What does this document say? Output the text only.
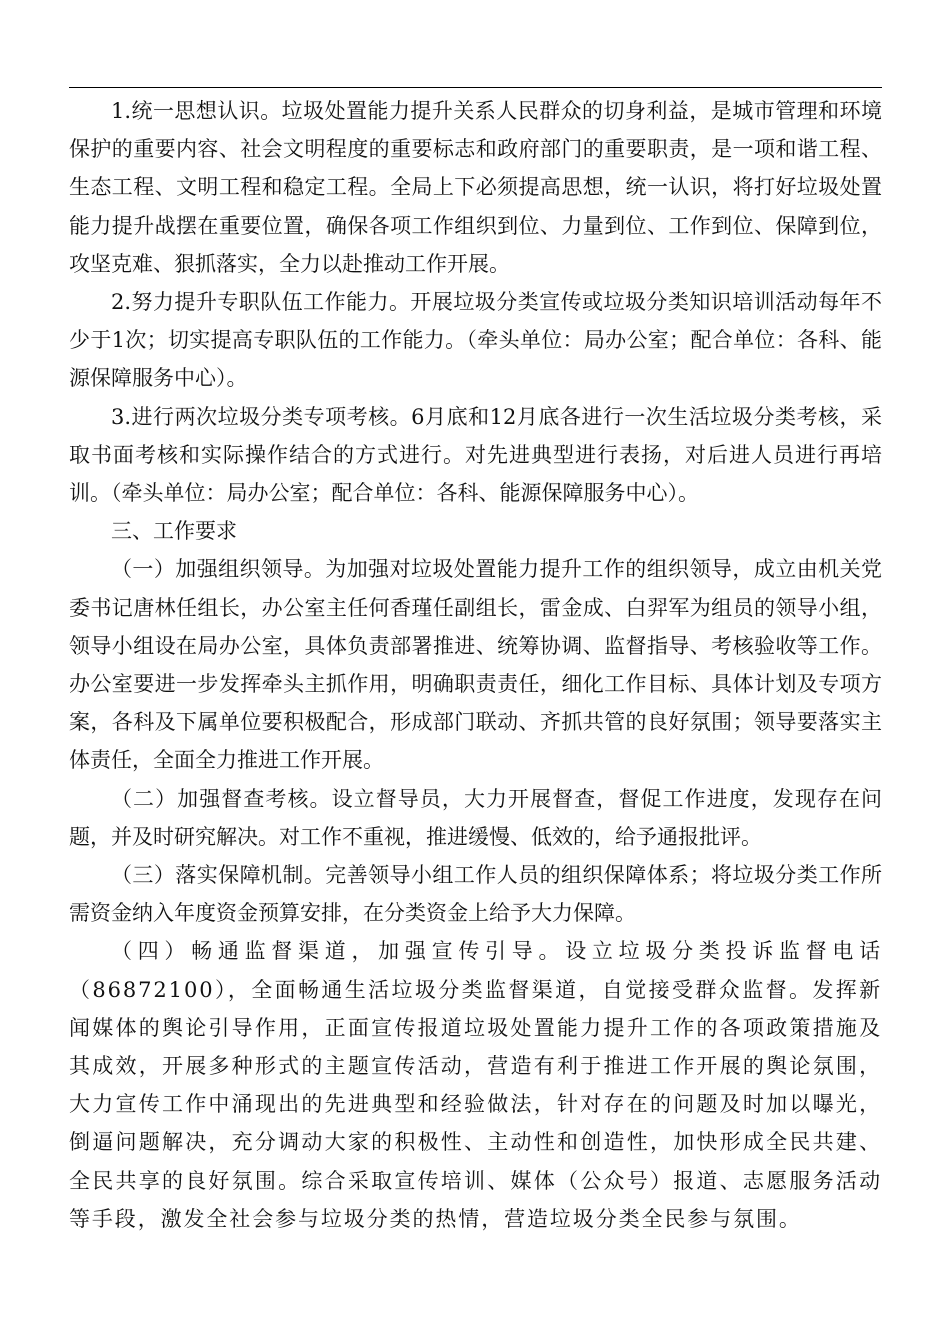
1.统一思想认识。垃圾处置能力提升关系人民群众的切身利益，是城市管理和环境保护的重要内容、社会文明程度的重要标志和政府部门的重要职责，是一项和谐工程、生态工程、文明工程和稳定工程。全局上下必须提高思想，统一认识，将打好垃圾处置能力提升战摆在重要位置，确保各项工作组织到位、力量到位、工作到位、保障到位，攻坚克难、狠抓落实，全力以赴推动工作开展。

2.努力提升专职队伍工作能力。开展垃圾分类宣传或垃圾分类知识培训活动每年不少于1次；切实提高专职队伍的工作能力。（牵头单位：局办公室；配合单位：各科、能源保障服务中心）。

3.进行两次垃圾分类专项考核。6月底和12月底各进行一次生活垃圾分类考核，采取书面考核和实际操作结合的方式进行。对先进典型进行表扬，对后进人员进行再培训。（牵头单位：局办公室；配合单位：各科、能源保障服务中心）。

三、工作要求

（一）加强组织领导。为加强对垃圾处置能力提升工作的组织领导，成立由机关党委书记唐林任组长，办公室主任何香瑾任副组长，雷金成、白羿军为组员的领导小组，领导小组设在局办公室，具体负责部署推进、统筹协调、监督指导、考核验收等工作。办公室要进一步发挥牵头主抓作用，明确职责责任，细化工作目标、具体计划及专项方案，各科及下属单位要积极配合，形成部门联动、齐抓共管的良好氛围；领导要落实主体责任，全面全力推进工作开展。

（二）加强督查考核。设立督导员，大力开展督查，督促工作进度，发现存在问题，并及时研究解决。对工作不重视，推进缓慢、低效的，给予通报批评。

（三）落实保障机制。完善领导小组工作人员的组织保障体系；将垃圾分类工作所需资金纳入年度资金预算安排，在分类资金上给予大力保障。

（四）畅通监督渠道，加强宣传引导。设立垃圾分类投诉监督电话（86872100），全面畅通生活垃圾分类监督渠道，自觉接受群众监督。发挥新闻媒体的舆论引导作用，正面宣传报道垃圾处置能力提升工作的各项政策措施及其成效，开展多种形式的主题宣传活动，营造有利于推进工作开展的舆论氛围，大力宣传工作中涌现出的先进典型和经验做法，针对存在的问题及时加以曝光，倒逼问题解决，充分调动大家的积极性、主动性和创造性，加快形成全民共建、全民共享的良好氛围。综合采取宣传培训、媒体（公众号）报道、志愿服务活动等手段，激发全社会参与垃圾分类的热情，营造垃圾分类全民参与氛围。
